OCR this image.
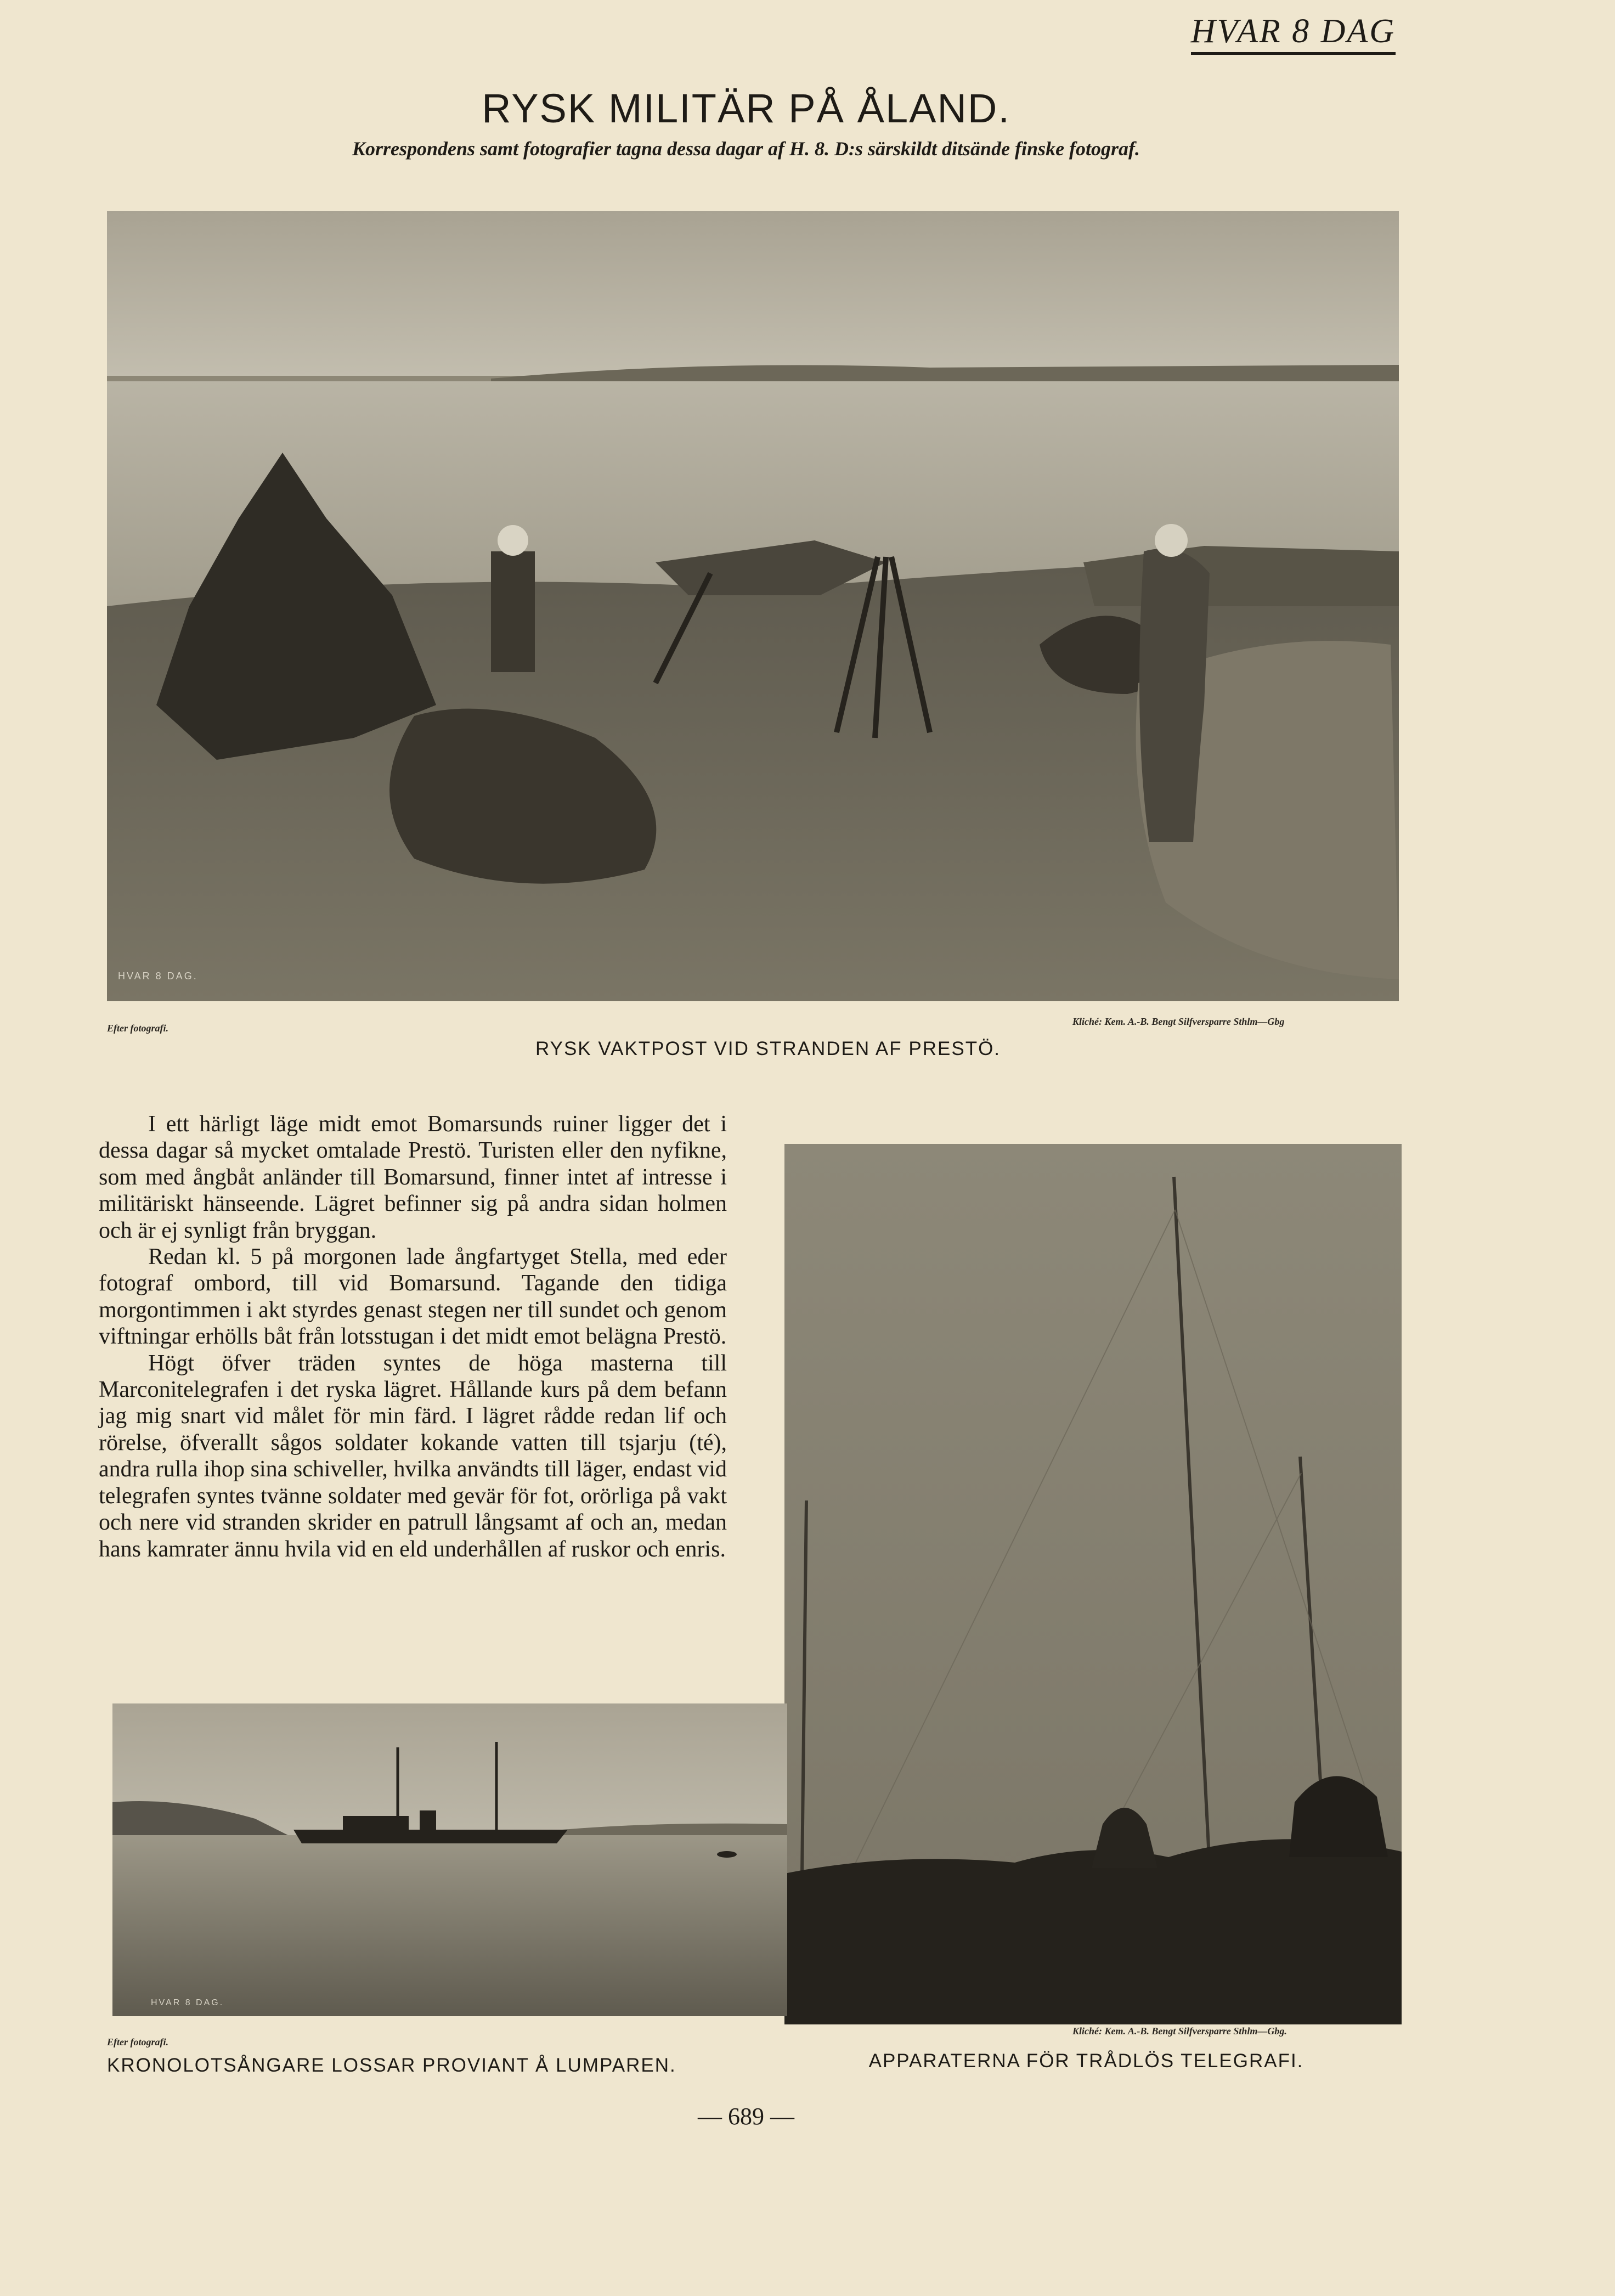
HVAR 8 DAG
RYSK MILITÄR PÅ ÅLAND.
Korrespondens samt fotografier tagna dessa dagar af H. 8. D:s särskildt ditsände finske fotograf.
HVAR 8 DAG.
Efter fotografi.
Kliché: Kem. A.-B. Bengt Silfversparre Sthlm—Gbg
RYSK VAKTPOST VID STRANDEN AF PRESTÖ.

I ett härligt läge midt emot Bomarsunds ruiner ligger det i dessa dagar så mycket omtalade Prestö. Turisten eller den nyfikne, som med ångbåt anländer till Bomarsund, finner intet af intresse i militäriskt hänseende. Lägret befinner sig på andra sidan holmen och är ej synligt från bryggan.

Redan kl. 5 på morgonen lade ångfartyget Stella, med eder fotograf ombord, till vid Bomarsund. Tagande den tidiga morgontimmen i akt styrdes genast stegen ner till sundet och genom viftningar erhölls båt från lotsstugan i det midt emot belägna Prestö.

Högt öfver träden syntes de höga masterna till Marconitelegrafen i det ryska lägret. Hållande kurs på dem befann jag mig snart vid målet för min färd. I lägret rådde redan lif och rörelse, öfverallt sågos soldater kokande vatten till tsjarju (té), andra rulla ihop sina schiveller, hvilka användts till läger, endast vid telegrafen syntes tvänne soldater med gevär för fot, orörliga på vakt och nere vid stranden skrider en patrull långsamt af och an, medan hans kamrater ännu hvila vid en eld underhållen af ruskor och enris.

HVAR 8 DAG.
Efter fotografi.
KRONOLOTSÅNGARE LOSSAR PROVIANT Å LUMPAREN.
Kliché: Kem. A.-B. Bengt Silfversparre Sthlm—Gbg.
APPARATERNA FÖR TRÅDLÖS TELEGRAFI.
— 689 —
